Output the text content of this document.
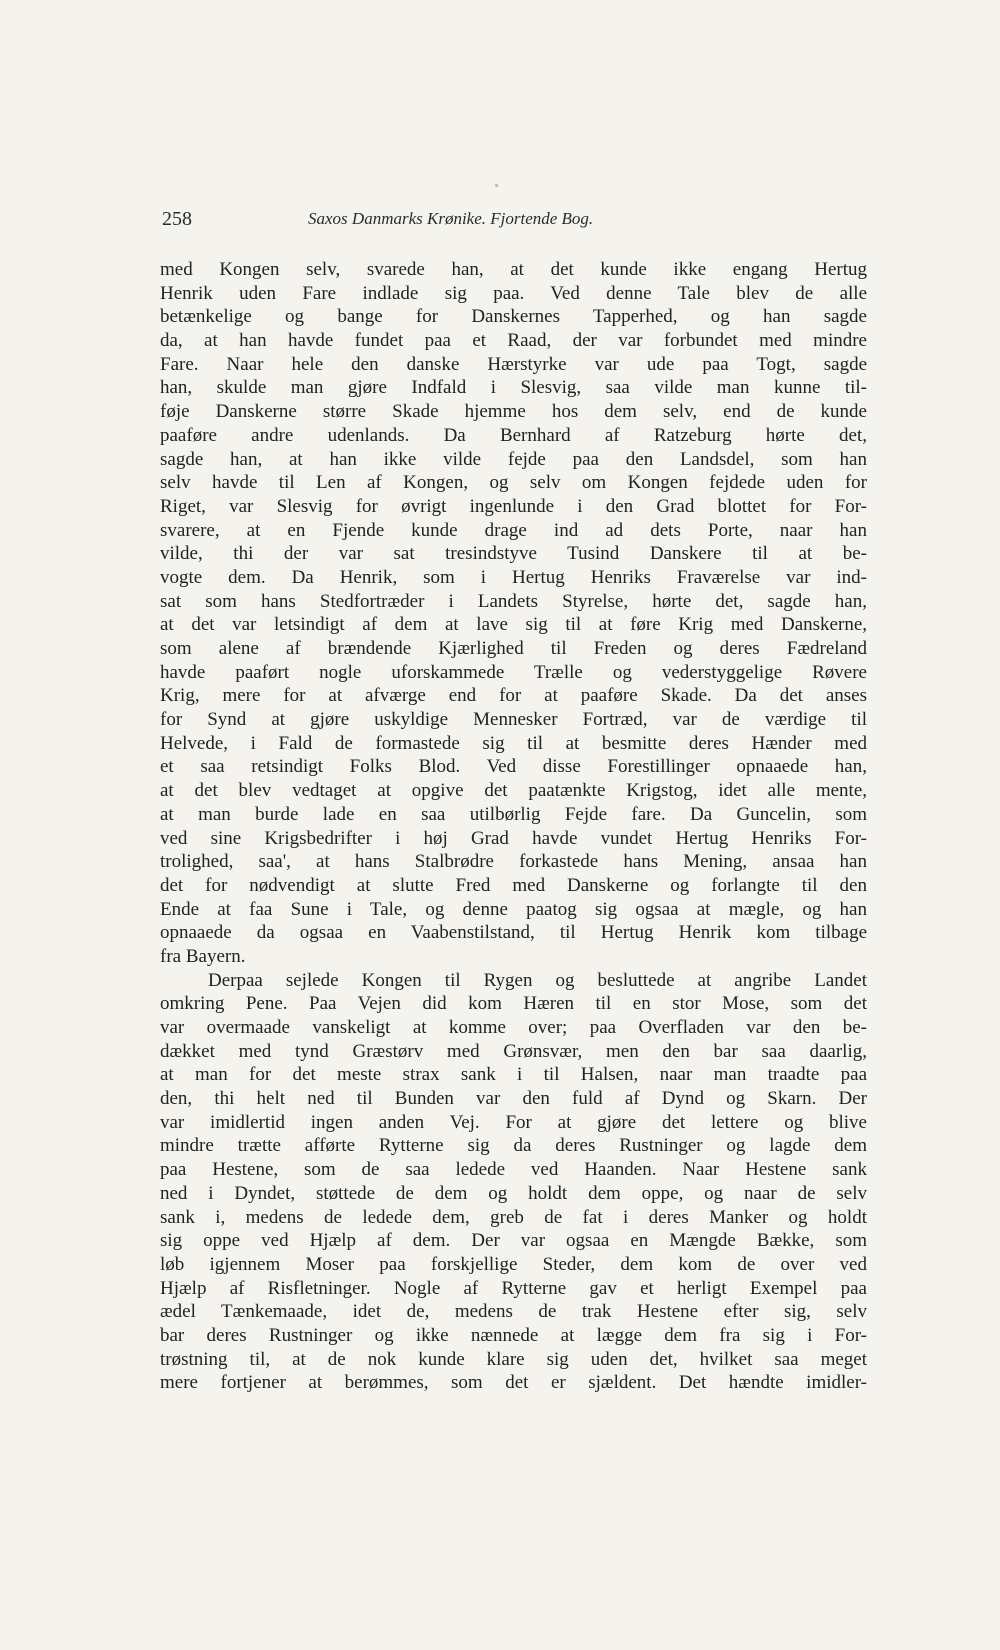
258	Saxos Danmarks Krønike. Fjortende Bog.
med Kongen selv, svarede han, at det kunde ikke engang Hertug
Henrik uden Fare indlade sig paa. Ved denne Tale blev de alle
betænkelige og bange for Danskernes Tapperhed, og han sagde
da, at han havde fundet paa et Raad, der var forbundet med mindre
Fare. Naar hele den danske Hærstyrke var ude paa Togt, sagde
han, skulde man gjøre Indfald i Slesvig, saa vilde man kunne til-
føje Danskerne større Skade hjemme hos dem selv, end de kunde
paaføre andre udenlands. Da Bernhard af Ratzeburg hørte det,
sagde han, at han ikke vilde fejde paa den Landsdel, som han
selv havde til Len af Kongen, og selv om Kongen fejdede uden for
Riget, var Slesvig for øvrigt ingenlunde i den Grad blottet for For-
svarere, at en Fjende kunde drage ind ad dets Porte, naar han
vilde, thi der var sat tresindstyve Tusind Danskere til at be-
vogte dem. Da Henrik, som i Hertug Henriks Fraværelse var ind-
sat som hans Stedfortræder i Landets Styrelse, hørte det, sagde han,
at det var letsindigt af dem at lave sig til at føre Krig med Danskerne,
som alene af brændende Kjærlighed til Freden og deres Fædreland
havde paaført nogle uforskammede Trælle og vederstyggelige Røvere
Krig, mere for at afværge end for at paaføre Skade. Da det anses
for Synd at gjøre uskyldige Mennesker Fortræd, var de værdige til
Helvede, i Fald de formastede sig til at besmitte deres Hænder med
et saa retsindigt Folks Blod. Ved disse Forestillinger opnaaede han,
at det blev vedtaget at opgive det paatænkte Krigstog, idet alle mente,
at man burde lade en saa utilbørlig Fejde fare. Da Guncelin, som
ved sine Krigsbedrifter i høj Grad havde vundet Hertug Henriks For-
trolighed, saa', at hans Stalbrødre forkastede hans Mening, ansaa han
det for nødvendigt at slutte Fred med Danskerne og forlangte til den
Ende at faa Sune i Tale, og denne paatog sig ogsaa at mægle, og han
opnaaede da ogsaa en Vaabenstilstand, til Hertug Henrik kom tilbage
fra Bayern.
Derpaa sejlede Kongen til Rygen og besluttede at angribe Landet
omkring Pene. Paa Vejen did kom Hæren til en stor Mose, som det
var overmaade vanskeligt at komme over; paa Overfladen var den be-
dækket med tynd Græstørv med Grønsvær, men den bar saa daarlig,
at man for det meste strax sank i til Halsen, naar man traadte paa
den, thi helt ned til Bunden var den fuld af Dynd og Skarn. Der
var imidlertid ingen anden Vej. For at gjøre det lettere og blive
mindre trætte afførte Rytterne sig da deres Rustninger og lagde dem
paa Hestene, som de saa ledede ved Haanden. Naar Hestene sank
ned i Dyndet, støttede de dem og holdt dem oppe, og naar de selv
sank i, medens de ledede dem, greb de fat i deres Manker og holdt
sig oppe ved Hjælp af dem. Der var ogsaa en Mængde Bække, som
løb igjennem Moser paa forskjellige Steder, dem kom de over ved
Hjælp af Risfletninger. Nogle af Rytterne gav et herligt Exempel paa
ædel Tænkemaade, idet de, medens de trak Hestene efter sig, selv
bar deres Rustninger og ikke nænnede at lægge dem fra sig i For-
trøstning til, at de nok kunde klare sig uden det, hvilket saa meget
mere fortjener at berømmes, som det er sjældent. Det hændte imidler-
